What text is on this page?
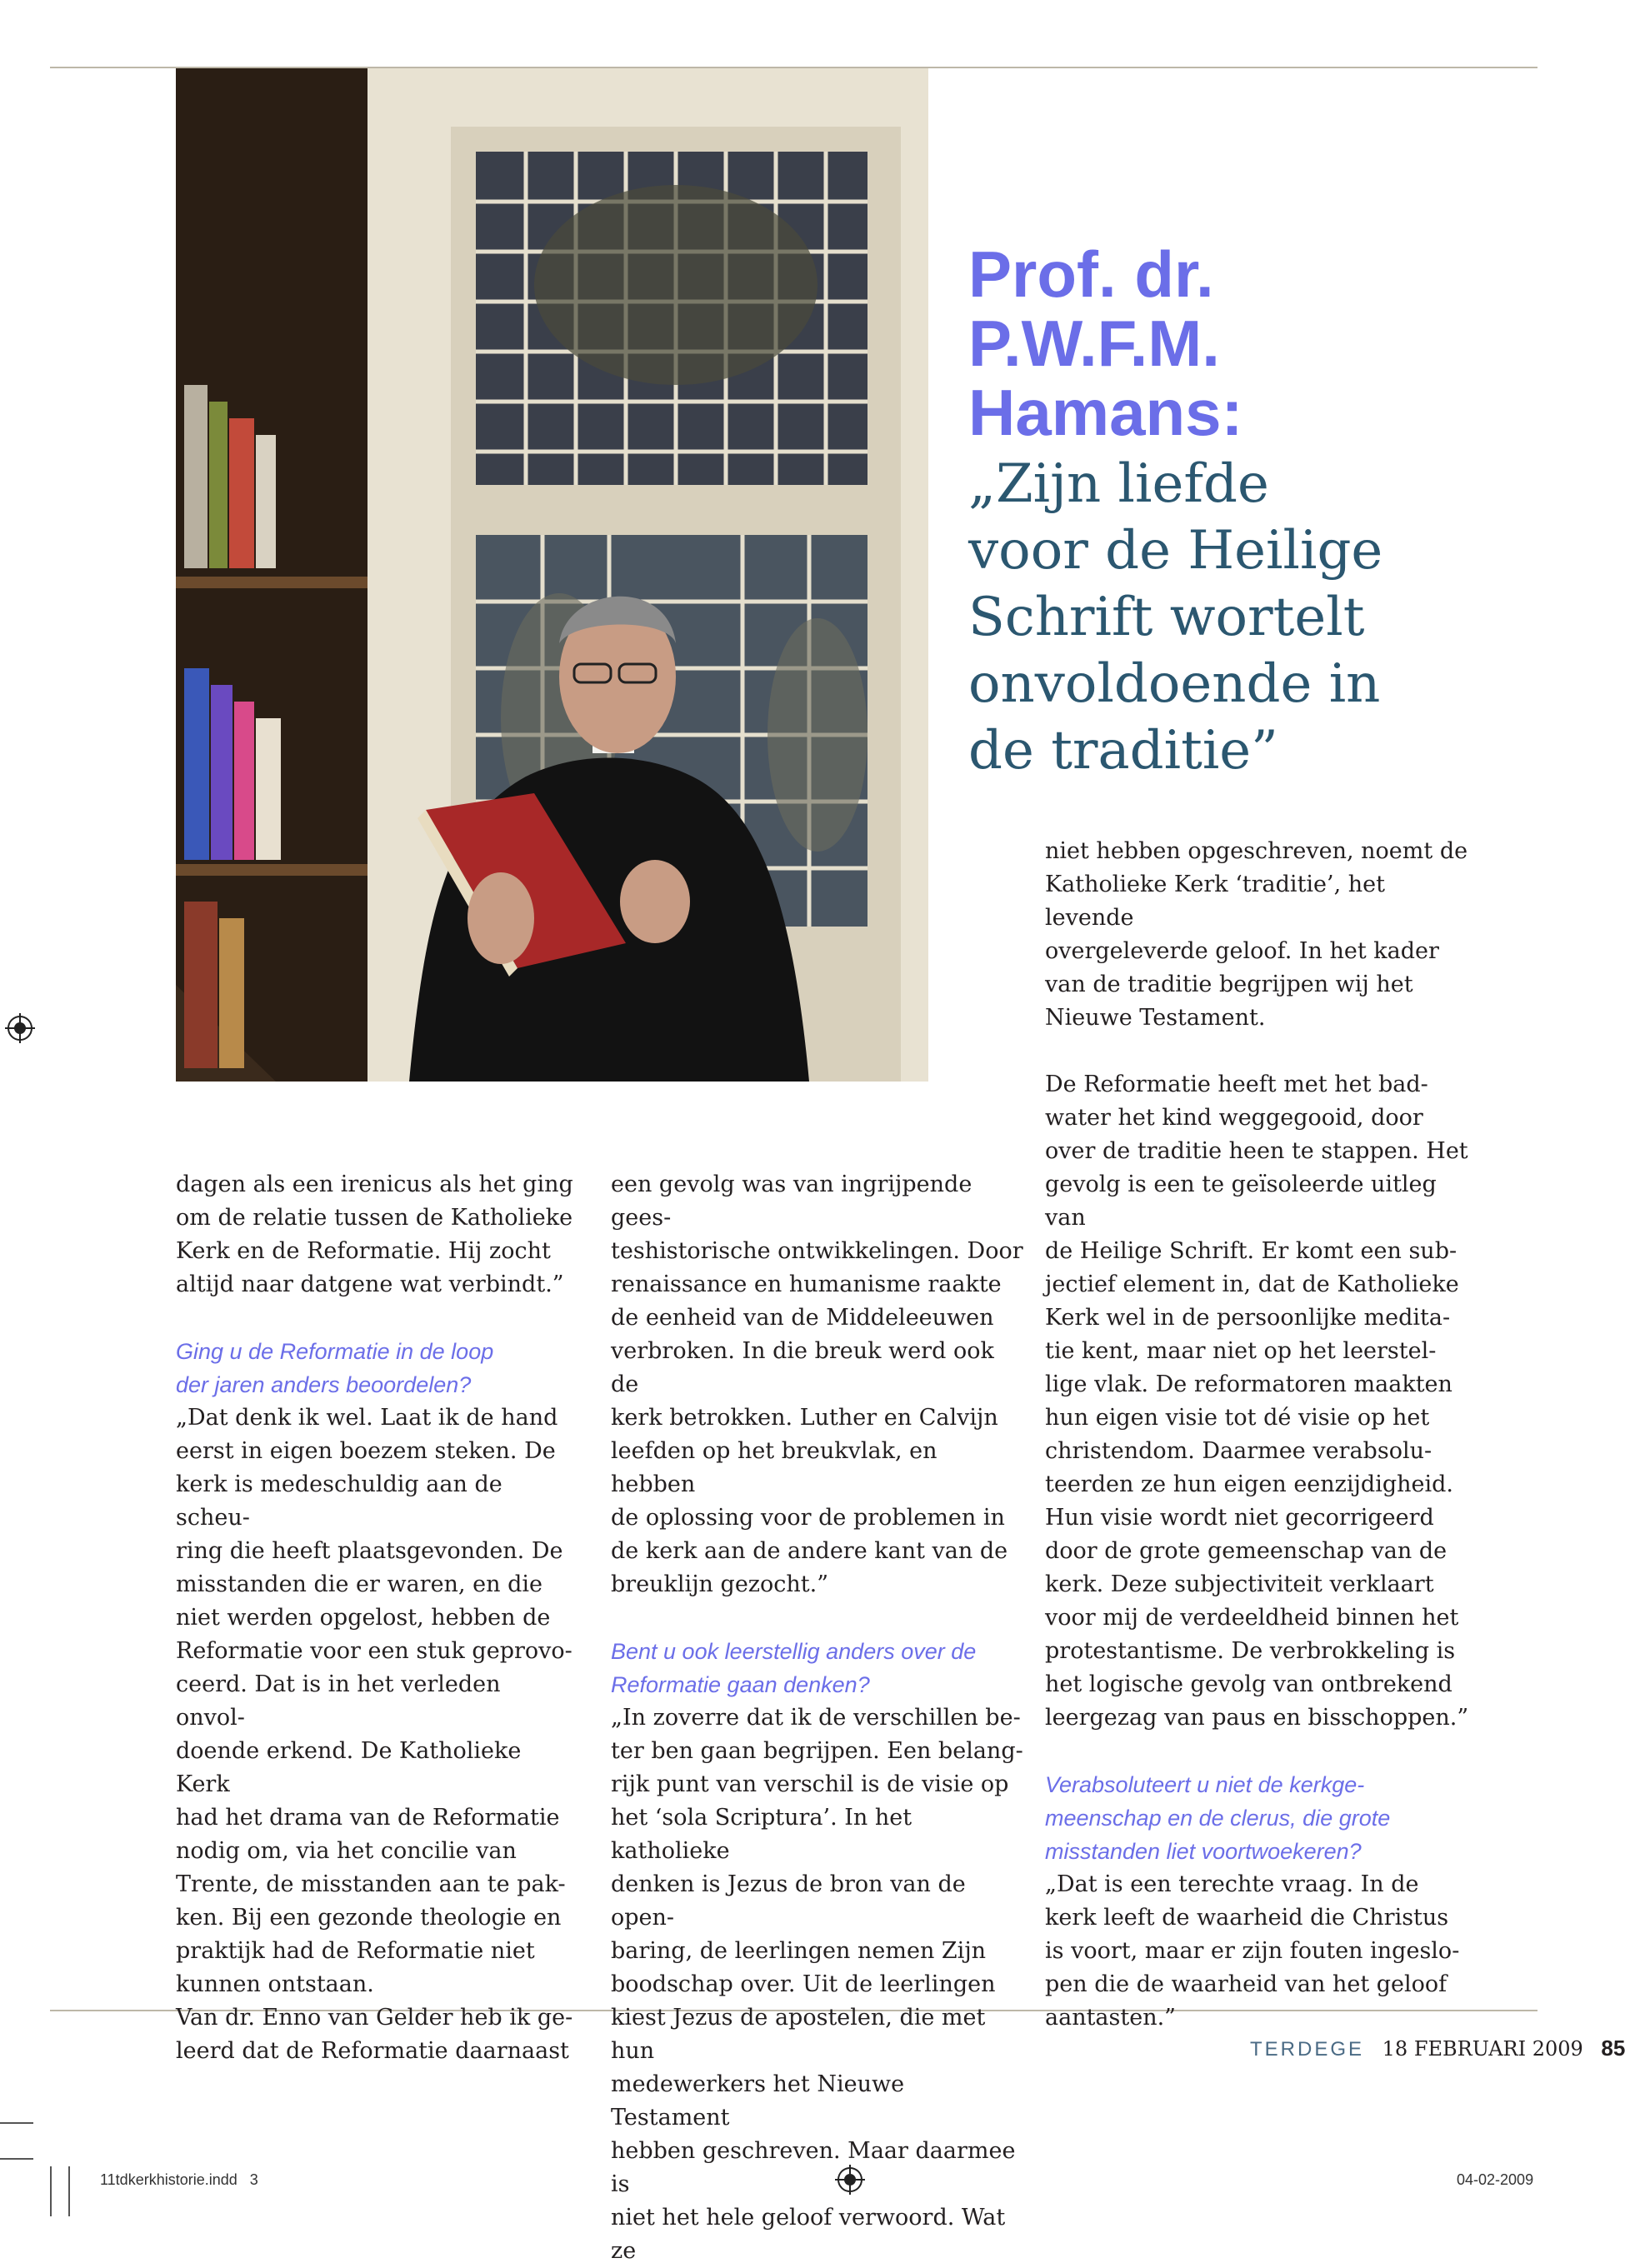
Prof. dr.
P.W.F.M.
Hamans:

„Zijn liefde
voor de Heilige
Schrift wortelt
onvoldoende in
de traditie”

dagen als een irenicus als het ging

om de relatie tussen de Katholieke

Kerk en de Reformatie. Hij zocht

altijd naar datgene wat verbindt.”

Ging u de Reformatie in de loop

der jaren anders beoordelen?

„Dat denk ik wel. Laat ik de hand

eerst in eigen boezem steken. De

kerk is medeschuldig aan de scheu-

ring die heeft plaatsgevonden. De

misstanden die er waren, en die

niet werden opgelost, hebben de

Reformatie voor een stuk geprovo-

ceerd. Dat is in het verleden onvol-

doende erkend. De Katholieke Kerk

had het drama van de Reformatie

nodig om, via het concilie van

Trente, de misstanden aan te pak-

ken. Bij een gezonde theologie en

praktijk had de Reformatie niet

kunnen ontstaan.

Van dr. Enno van Gelder heb ik ge-

leerd dat de Reformatie daarnaast

een gevolg was van ingrijpende gees-

teshistorische ontwikkelingen. Door

renaissance en humanisme raakte

de eenheid van de Middeleeuwen

verbroken. In die breuk werd ook de

kerk betrokken. Luther en Calvijn

leefden op het breukvlak, en hebben

de oplossing voor de problemen in

de kerk aan de andere kant van de

breuklijn gezocht.”

Bent u ook leerstellig anders over de

Reformatie gaan denken?

„In zoverre dat ik de verschillen be-

ter ben gaan begrijpen. Een belang-

rijk punt van verschil is de visie op

het ‘sola Scriptura’. In het katholieke

denken is Jezus de bron van de open-

baring, de leerlingen nemen Zijn

boodschap over. Uit de leerlingen

kiest Jezus de apostelen, die met hun

medewerkers het Nieuwe Testament

hebben geschreven. Maar daarmee is

niet het hele geloof verwoord. Wat ze

niet hebben opgeschreven, noemt de

Katholieke Kerk ‘traditie’, het levende

overgeleverde geloof. In het kader

van de traditie begrijpen wij het

Nieuwe Testament.

De Reformatie heeft met het bad-

water het kind weggegooid, door

over de traditie heen te stappen. Het

gevolg is een te geïsoleerde uitleg van

de Heilige Schrift. Er komt een sub-

jectief element in, dat de Katholieke

Kerk wel in de persoonlijke medita-

tie kent, maar niet op het leerstel-

lige vlak. De reformatoren maakten

hun eigen visie tot dé visie op het

christendom. Daarmee verabsolu-

teerden ze hun eigen eenzijdigheid.

Hun visie wordt niet gecorrigeerd

door de grote gemeenschap van de

kerk. Deze subjectiviteit verklaart

voor mij de verdeeldheid binnen het

protestantisme. De verbrokkeling is

het logische gevolg van ontbrekend

leergezag van paus en bisschoppen.”

Verabsoluteert u niet de kerkge-

meenschap en de clerus, die grote

misstanden liet voortwoekeren?

„Dat is een terechte vraag. In de

kerk leeft de waarheid die Christus

is voort, maar er zijn fouten ingeslo-

pen die de waarheid van het geloof

aantasten.”

TERDEGE 18 FEBRUARI 2009 85
11tdkerkhistorie.indd   3	04-02-2009
